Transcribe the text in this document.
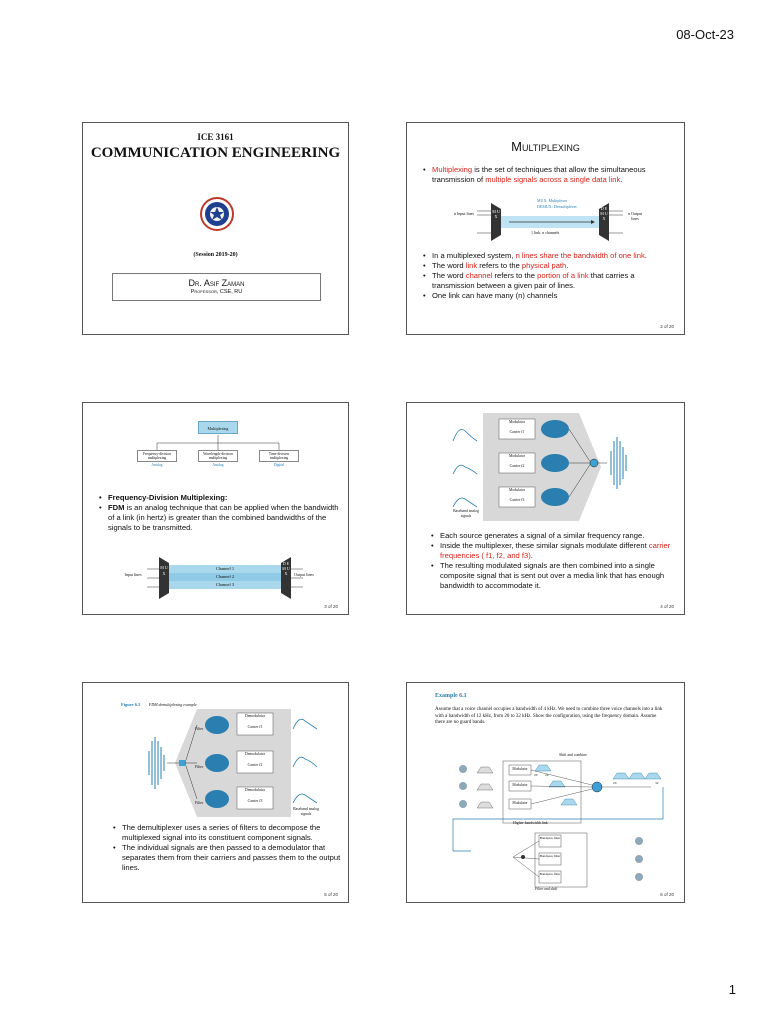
08-Oct-23
ICE 3161
COMMUNICATION ENGINEERING
(Session 2019-20)
Dr. Asif Zaman
Professor, CSE, RU
Multiplexing
• Multiplexing is the set of techniques that allow the simultaneous transmission of multiple signals across a single data link.
MUX: Multiplexer
DEMUX: Demultiplexer
n Input lines	n Output lines
1 link, n channels
M U X
D E M U X
• In a multiplexed system, n lines share the bandwidth of one link.
• The word link refers to the physical path.
• The word channel refers to the portion of a link that carries a transmission between a given pair of lines.
• One link can have many (n) channels
2 of 20
Multiplexing
Frequency-division multiplexing
Analog
Wavelength-division multiplexing
Analog
Time-division multiplexing
Digital
• Frequency-Division Multiplexing:
• FDM is an analog technique that can be applied when the bandwidth of a link (in hertz) is greater than the combined bandwidths of the signals to be transmitted.
Input lines	Output lines
M U X
D E M U X
Channel 1
Channel 2
Channel 3
3 of 20
Modulator
Carrier f1
Modulator
Carrier f2
Modulator
Carrier f3
Baseband analog signals
• Each source generates a signal of a similar frequency range.
• Inside the multiplexer, these similar signals modulate different carrier frequencies ( f1, f2, and f3).
• The resulting modulated signals are then combined into a single composite signal that is sent out over a media link that has enough bandwidth to accommodate it.
4 of 20
Figure 6.5 FDM demultiplexing example
Filter
Filter
Filter
Demodulator
Carrier f1
Demodulator
Carrier f2
Demodulator
Carrier f3
Baseband analog signals
• The demultiplexer uses a series of filters to decompose the multiplexed signal into its constituent component signals.
• The individual signals are then passed to a demodulator that separates them from their carriers and passes them to the output lines.
5 of 20
Example 6.1
Assume that a voice channel occupies a bandwidth of 4 kHz. We need to combine three voice channels into a link with a bandwidth of 12 kHz, from 20 to 32 kHz. Show the configuration, using the frequency domain. Assume there are no guard bands.
Shift and combine
Modulator
Modulator
Modulator
20 24
20	32
Higher-bandwidth link
Bandpass filter
Bandpass filter
Bandpass filter
Filter and shift
6 of 20
1
